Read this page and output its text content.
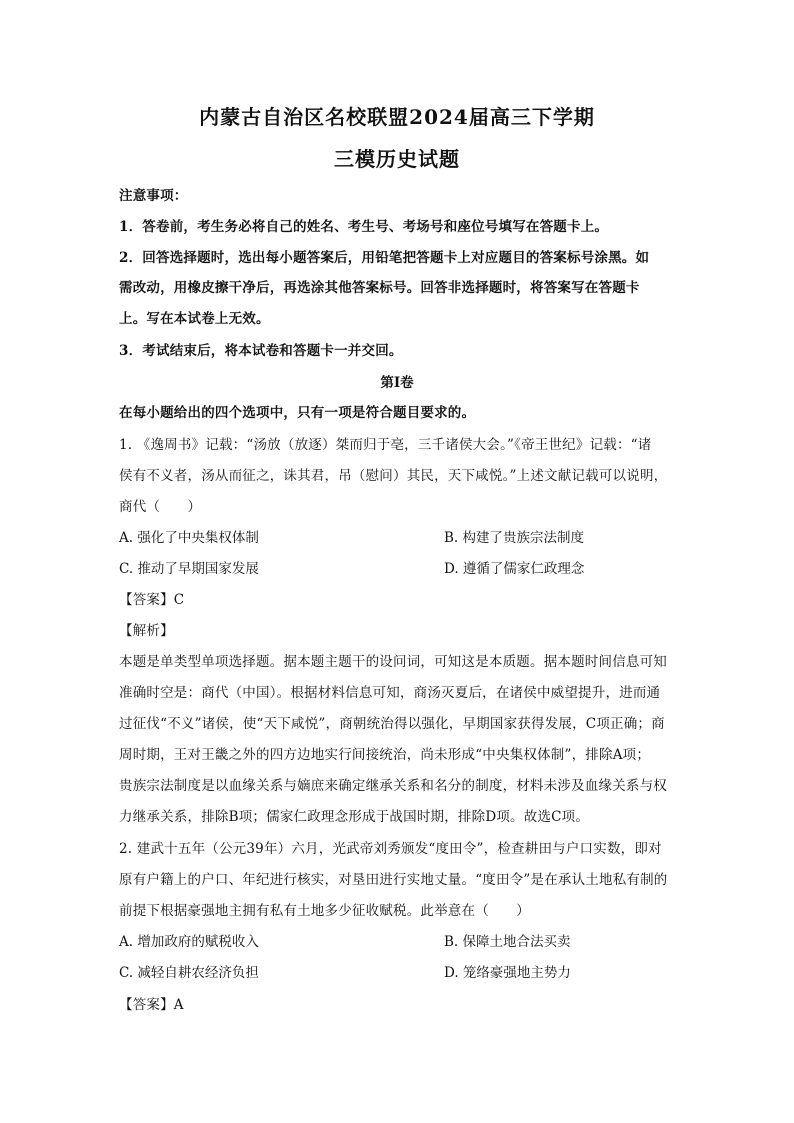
内蒙古自治区名校联盟2024届高三下学期
三模历史试题
注意事项：
1．答卷前，考生务必将自己的姓名、考生号、考场号和座位号填写在答题卡上。
2．回答选择题时，选出每小题答案后，用铅笔把答题卡上对应题目的答案标号涂黑。如
需改动，用橡皮擦干净后，再选涂其他答案标号。回答非选择题时，将答案写在答题卡
上。写在本试卷上无效。
3．考试结束后，将本试卷和答题卡一并交回。
第I卷
在每小题给出的四个选项中，只有一项是符合题目要求的。
1. 《逸周书》记载：“汤放（放逐）桀而归于亳，三千诸侯大会。”《帝王世纪》记载：“诸
侯有不义者，汤从而征之，诛其君，吊（慰问）其民，天下咸悦。”上述文献记载可以说明，
商代（　　）
A. 强化了中央集权体制	B. 构建了贵族宗法制度
C. 推动了早期国家发展	D. 遵循了儒家仁政理念
【答案】C
【解析】
本题是单类型单项选择题。据本题主题干的设问词，可知这是本质题。据本题时间信息可知
准确时空是：商代（中国）。根据材料信息可知，商汤灭夏后，在诸侯中威望提升，进而通
过征伐“不义”诸侯，使“天下咸悦”，商朝统治得以强化，早期国家获得发展，C项正确；商
周时期，王对王畿之外的四方边地实行间接统治，尚未形成“中央集权体制”，排除A项；
贵族宗法制度是以血缘关系与嫡庶来确定继承关系和名分的制度，材料未涉及血缘关系与权
力继承关系，排除B项；儒家仁政理念形成于战国时期，排除D项。故选C项。
2. 建武十五年（公元39年）六月，光武帝刘秀颁发“度田令”，检查耕田与户口实数，即对
原有户籍上的户口、年纪进行核实，对垦田进行实地丈量。“度田令”是在承认土地私有制的
前提下根据豪强地主拥有私有土地多少征收赋税。此举意在（　　）
A. 增加政府的赋税收入	B. 保障土地合法买卖
C. 减轻自耕农经济负担	D. 笼络豪强地主势力
【答案】A
